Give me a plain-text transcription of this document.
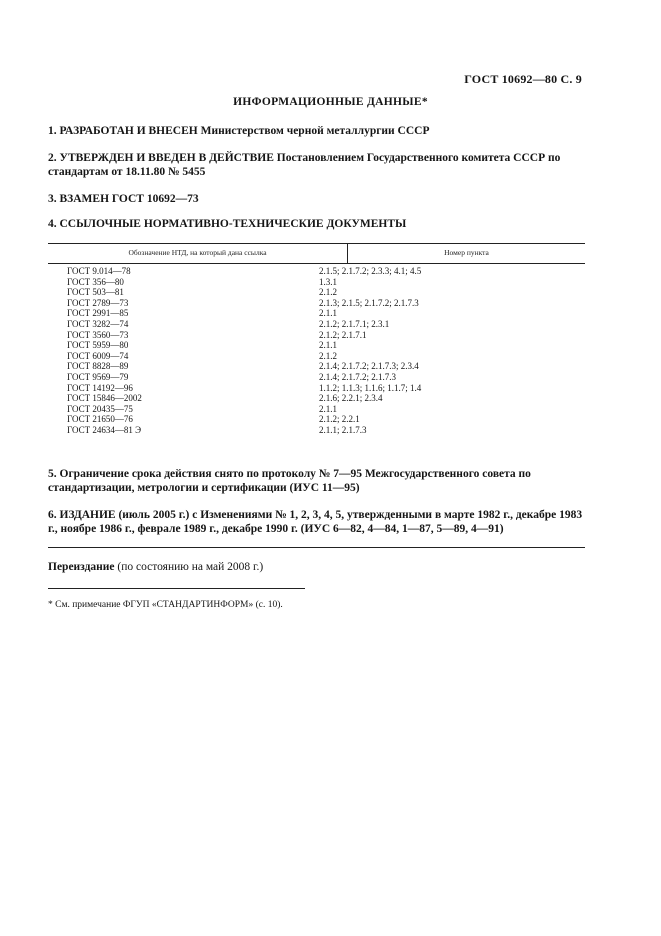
ГОСТ 10692—80 С. 9
ИНФОРМАЦИОННЫЕ ДАННЫЕ*
1. РАЗРАБОТАН И ВНЕСЕН Министерством черной металлургии СССР
2. УТВЕРЖДЕН И ВВЕДЕН В ДЕЙСТВИЕ Постановлением Государственного комитета СССР по стандартам от 18.11.80 № 5455
3. ВЗАМЕН ГОСТ 10692—73
4. ССЫЛОЧНЫЕ НОРМАТИВНО-ТЕХНИЧЕСКИЕ ДОКУМЕНТЫ
Обозначение НТД, на который дана ссылка	Номер пункта
ГОСТ 9.014—78	2.1.5; 2.1.7.2; 2.3.3; 4.1; 4.5
ГОСТ 356—80	1.3.1
ГОСТ 503—81	2.1.2
ГОСТ 2789—73	2.1.3; 2.1.5; 2.1.7.2; 2.1.7.3
ГОСТ 2991—85	2.1.1
ГОСТ 3282—74	2.1.2; 2.1.7.1; 2.3.1
ГОСТ 3560—73	2.1.2; 2.1.7.1
ГОСТ 5959—80	2.1.1
ГОСТ 6009—74	2.1.2
ГОСТ 8828—89	2.1.4; 2.1.7.2; 2.1.7.3; 2.3.4
ГОСТ 9569—79	2.1.4; 2.1.7.2; 2.1.7.3
ГОСТ 14192—96	1.1.2; 1.1.3; 1.1.6; 1.1.7; 1.4
ГОСТ 15846—2002	2.1.6; 2.2.1; 2.3.4
ГОСТ 20435—75	2.1.1
ГОСТ 21650—76	2.1.2; 2.2.1
ГОСТ 24634—81 Э	2.1.1; 2.1.7.3
5. Ограничение срока действия снято по протоколу № 7—95 Межгосударственного совета по стандартизации, метрологии и сертификации (ИУС 11—95)
6. ИЗДАНИЕ (июль 2005 г.) с Изменениями № 1, 2, 3, 4, 5, утвержденными в марте 1982 г., декабре 1983 г., ноябре 1986 г., феврале 1989 г., декабре 1990 г. (ИУС 6—82, 4—84, 1—87, 5—89, 4—91)
Переиздание (по состоянию на май 2008 г.)
* См. примечание ФГУП «СТАНДАРТИНФОРМ» (с. 10).
